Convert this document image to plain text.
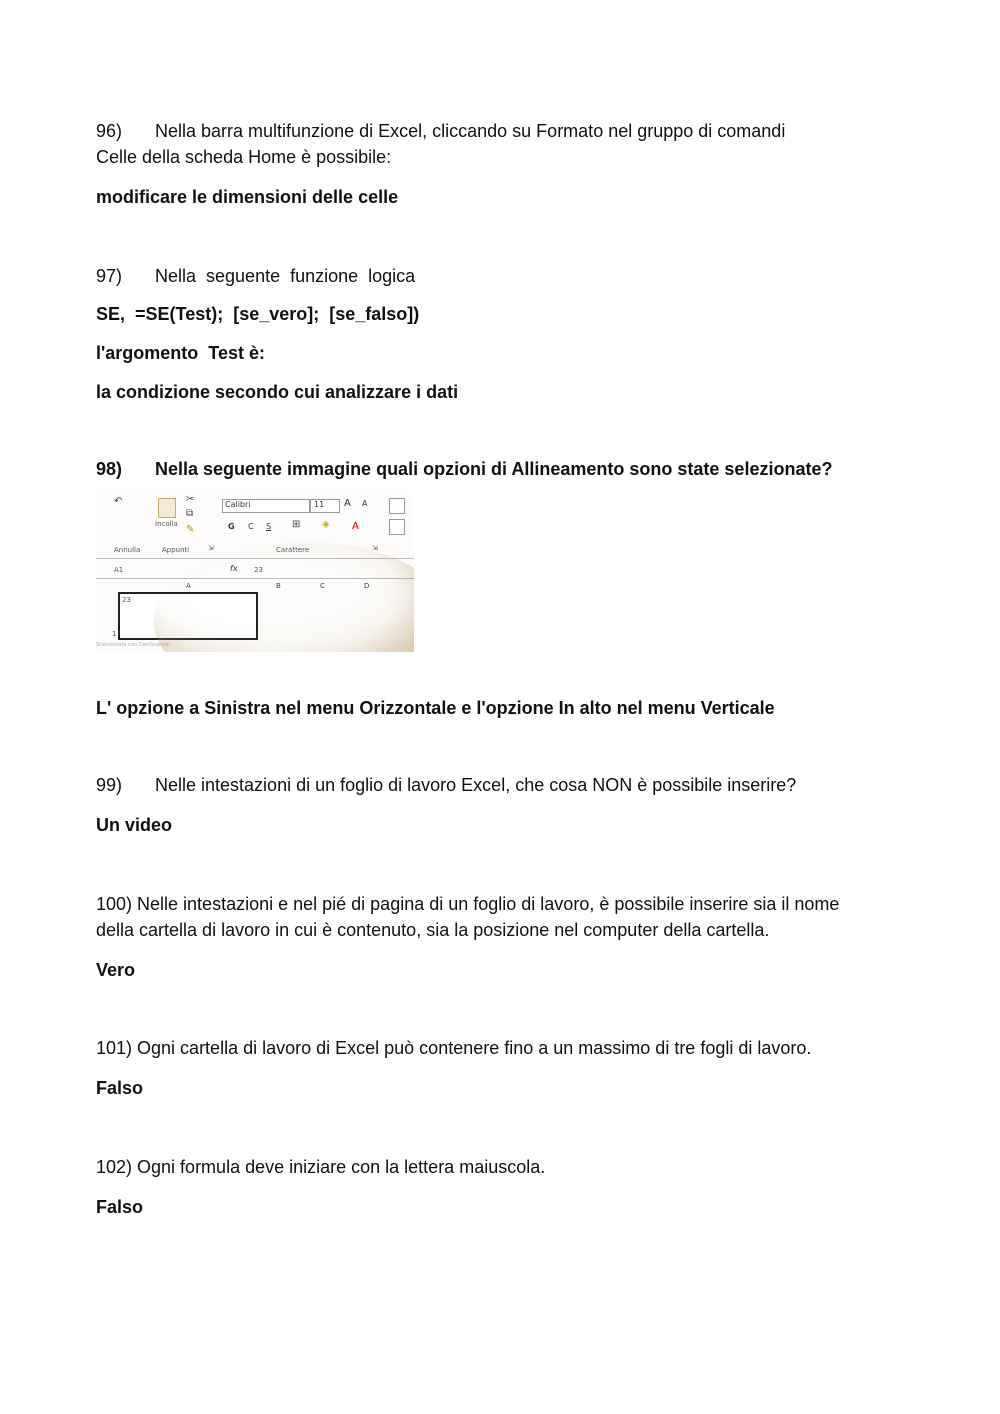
96) Nella barra multifunzione di Excel, cliccando su Formato nel gruppo di comandi
Celle della scheda Home è possibile:
modificare le dimensioni delle celle
97) Nella  seguente  funzione  logica
SE,  =SE(Test);  [se_vero];  [se_falso])
l'argomento  Test è:
la condizione secondo cui analizzare i dati
98) Nella seguente immagine quali opzioni di Allineamento sono state selezionate?
↶
Incolla
✂
⧉
✎
Calibri	11 A A
G C S ⊞ ◈ A
Annulla	Appunti	Carattere
⇲	⇲
A1	fx 23
A	B	C	D
23
1
Scansionato con CamScanner
L' opzione a Sinistra nel menu Orizzontale e l'opzione In alto nel menu Verticale
99) Nelle intestazioni di un foglio di lavoro Excel, che cosa NON è possibile inserire?
Un video
100) Nelle intestazioni e nel pié di pagina di un foglio di lavoro, è possibile inserire sia il nome
della cartella di lavoro in cui è contenuto, sia la posizione nel computer della cartella.
Vero
101) Ogni cartella di lavoro di Excel può contenere fino a un massimo di tre fogli di lavoro.
Falso
102) Ogni formula deve iniziare con la lettera maiuscola.
Falso
